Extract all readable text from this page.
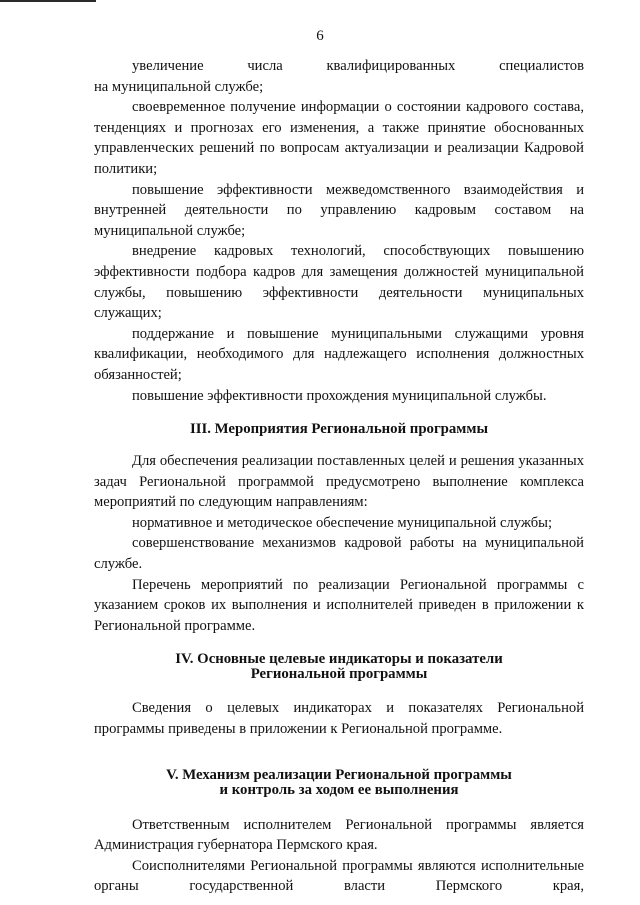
6

увеличение числа квалифицированных специалистов

на муниципальной службе;

своевременное получение информации о состоянии кадрового состава, тенденциях и прогнозах его изменения, а также принятие обоснованных управленческих решений по вопросам актуализации и реализации Кадровой политики;

повышение эффективности межведомственного взаимодействия и внутренней деятельности по управлению кадровым составом на муниципальной службе;

внедрение кадровых технологий, способствующих повышению эффективности подбора кадров для замещения должностей муниципальной службы, повышению эффективности деятельности муниципальных служащих;

поддержание и повышение муниципальными служащими уровня квалификации, необходимого для надлежащего исполнения должностных обязанностей;

повышение эффективности прохождения муниципальной службы.

III. Мероприятия Региональной программы

Для обеспечения реализации поставленных целей и решения указанных задач Региональной программой предусмотрено выполнение комплекса мероприятий по следующим направлениям:

нормативное и методическое обеспечение муниципальной службы;

совершенствование механизмов кадровой работы на муниципальной службе.

Перечень мероприятий по реализации Региональной программы с указанием сроков их выполнения и исполнителей приведен в приложении к Региональной программе.

IV. Основные целевые индикаторы и показатели
Региональной программы

Сведения о целевых индикаторах и показателях Региональной программы приведены в приложении к Региональной программе.

V. Механизм реализации Региональной программы
и контроль за ходом ее выполнения

Ответственным исполнителем Региональной программы является Администрация губернатора Пермского края.

Соисполнителями Региональной программы являются исполнительные органы государственной власти Пермского края,
